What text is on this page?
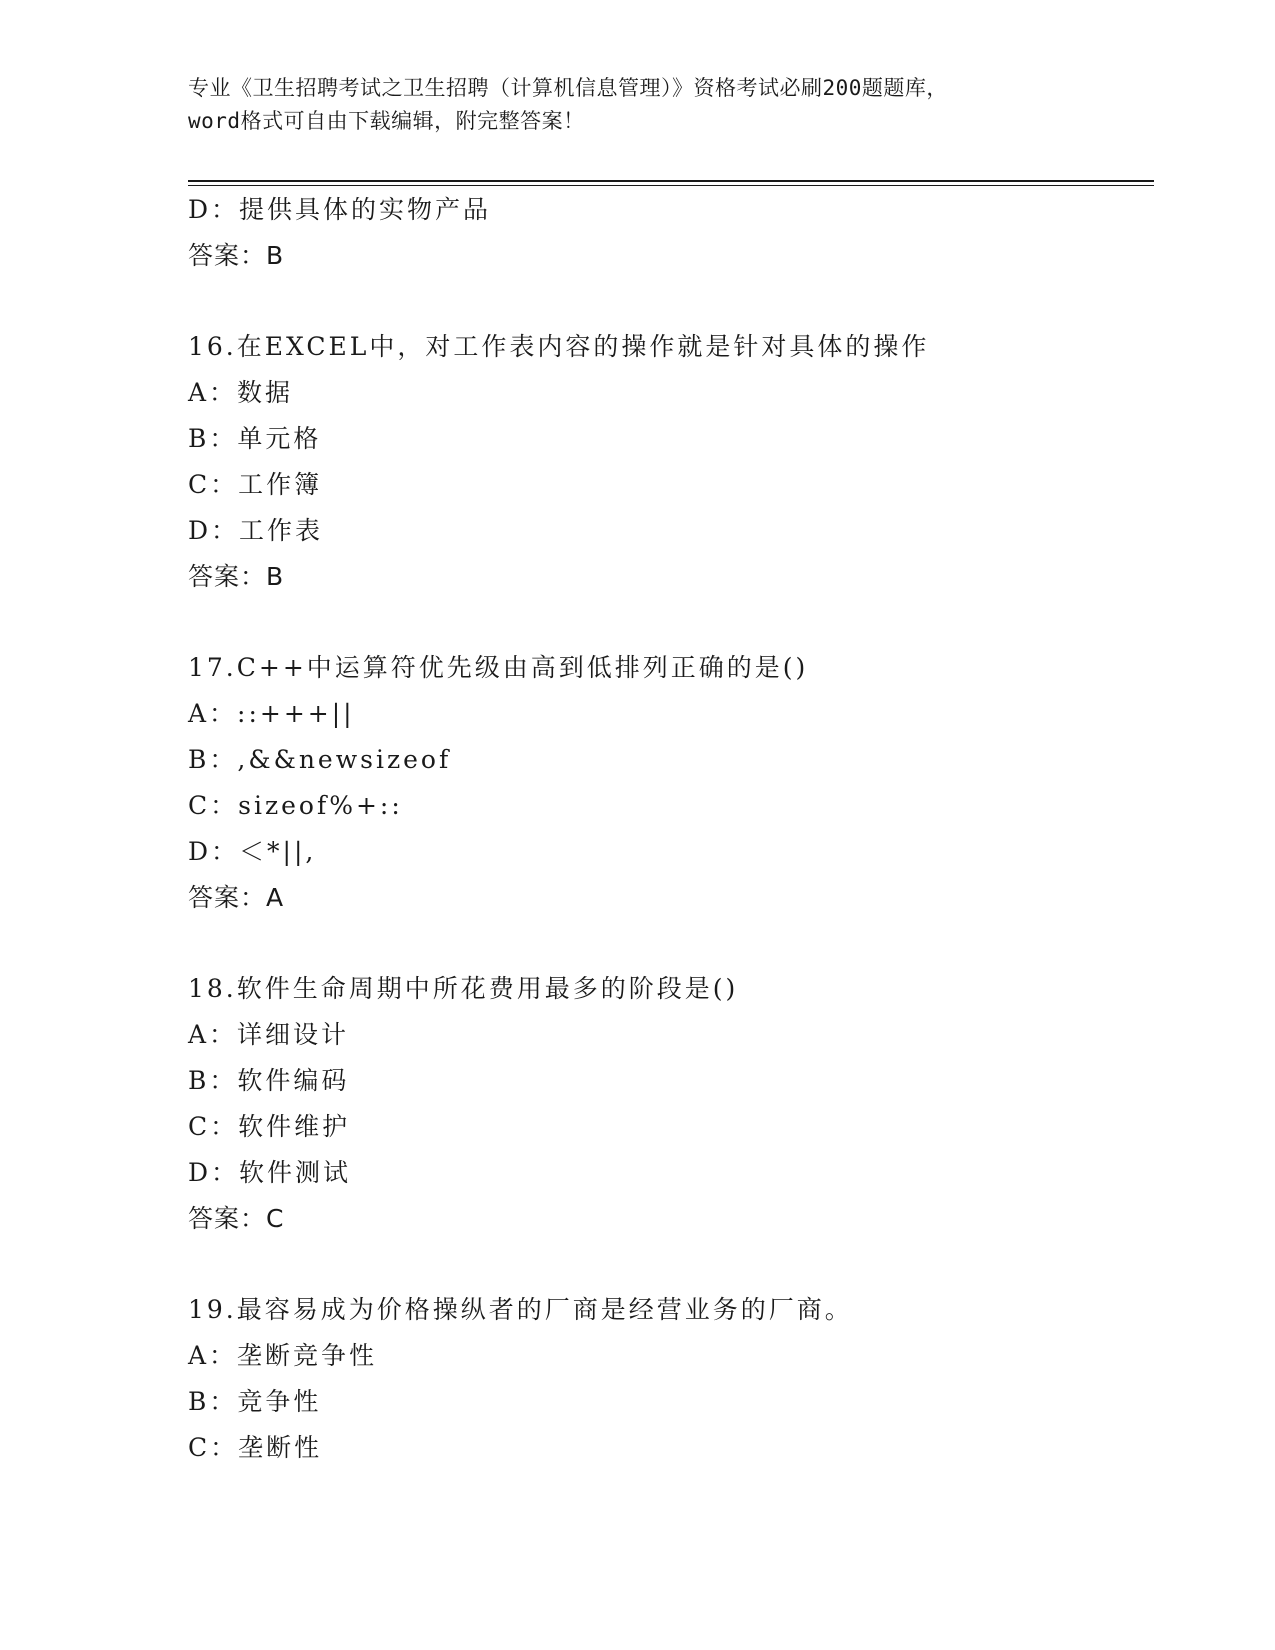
专业《卫生招聘考试之卫生招聘（计算机信息管理）》资格考试必刷200题题库，
word格式可自由下载编辑，附完整答案！
D：提供具体的实物产品
答案：B
16.在EXCEL中，对工作表内容的操作就是针对具体的操作
A：数据
B：单元格
C：工作簿
D：工作表
答案：B
17.C++中运算符优先级由高到低排列正确的是()
A：::+++||
B：,&&newsizeof
C：sizeof%+::
D：＜*||,
答案：A
18.软件生命周期中所花费用最多的阶段是()
A：详细设计
B：软件编码
C：软件维护
D：软件测试
答案：C
19.最容易成为价格操纵者的厂商是经营业务的厂商。
A：垄断竞争性
B：竞争性
C：垄断性
